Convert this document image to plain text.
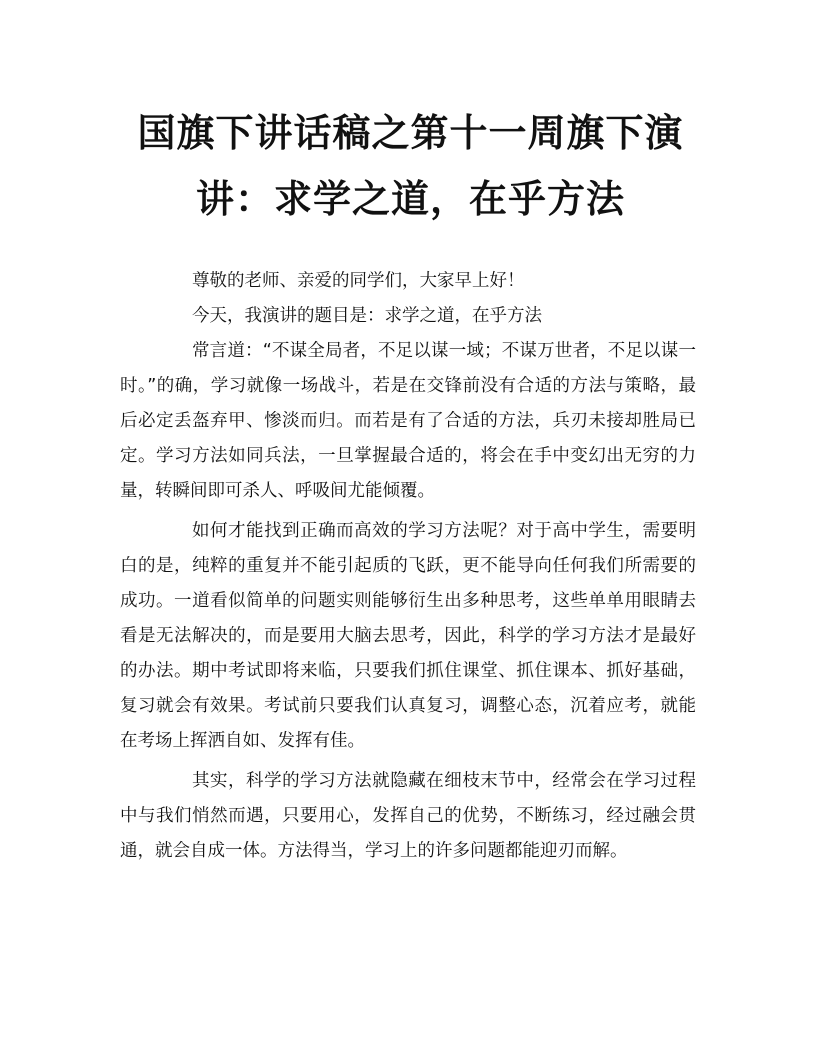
国旗下讲话稿之第十一周旗下演讲：求学之道，在乎方法

尊敬的老师、亲爱的同学们，大家早上好！

今天，我演讲的题目是：求学之道，在乎方法

常言道：“不谋全局者，不足以谋一域；不谋万世者，不足以谋一时。”的确，学习就像一场战斗，若是在交锋前没有合适的方法与策略，最后必定丢盔弃甲、惨淡而归。而若是有了合适的方法，兵刃未接却胜局已定。学习方法如同兵法，一旦掌握最合适的，将会在手中变幻出无穷的力量，转瞬间即可杀人、呼吸间尤能倾覆。

如何才能找到正确而高效的学习方法呢？对于高中学生，需要明白的是，纯粹的重复并不能引起质的飞跃，更不能导向任何我们所需要的成功。一道看似简单的问题实则能够衍生出多种思考，这些单单用眼睛去看是无法解决的，而是要用大脑去思考，因此，科学的学习方法才是最好的办法。期中考试即将来临，只要我们抓住课堂、抓住课本、抓好基础，复习就会有效果。考试前只要我们认真复习，调整心态，沉着应考，就能在考场上挥洒自如、发挥有佳。

其实，科学的学习方法就隐藏在细枝末节中，经常会在学习过程中与我们悄然而遇，只要用心，发挥自己的优势，不断练习，经过融会贯通，就会自成一体。方法得当，学习上的许多问题都能迎刃而解。
